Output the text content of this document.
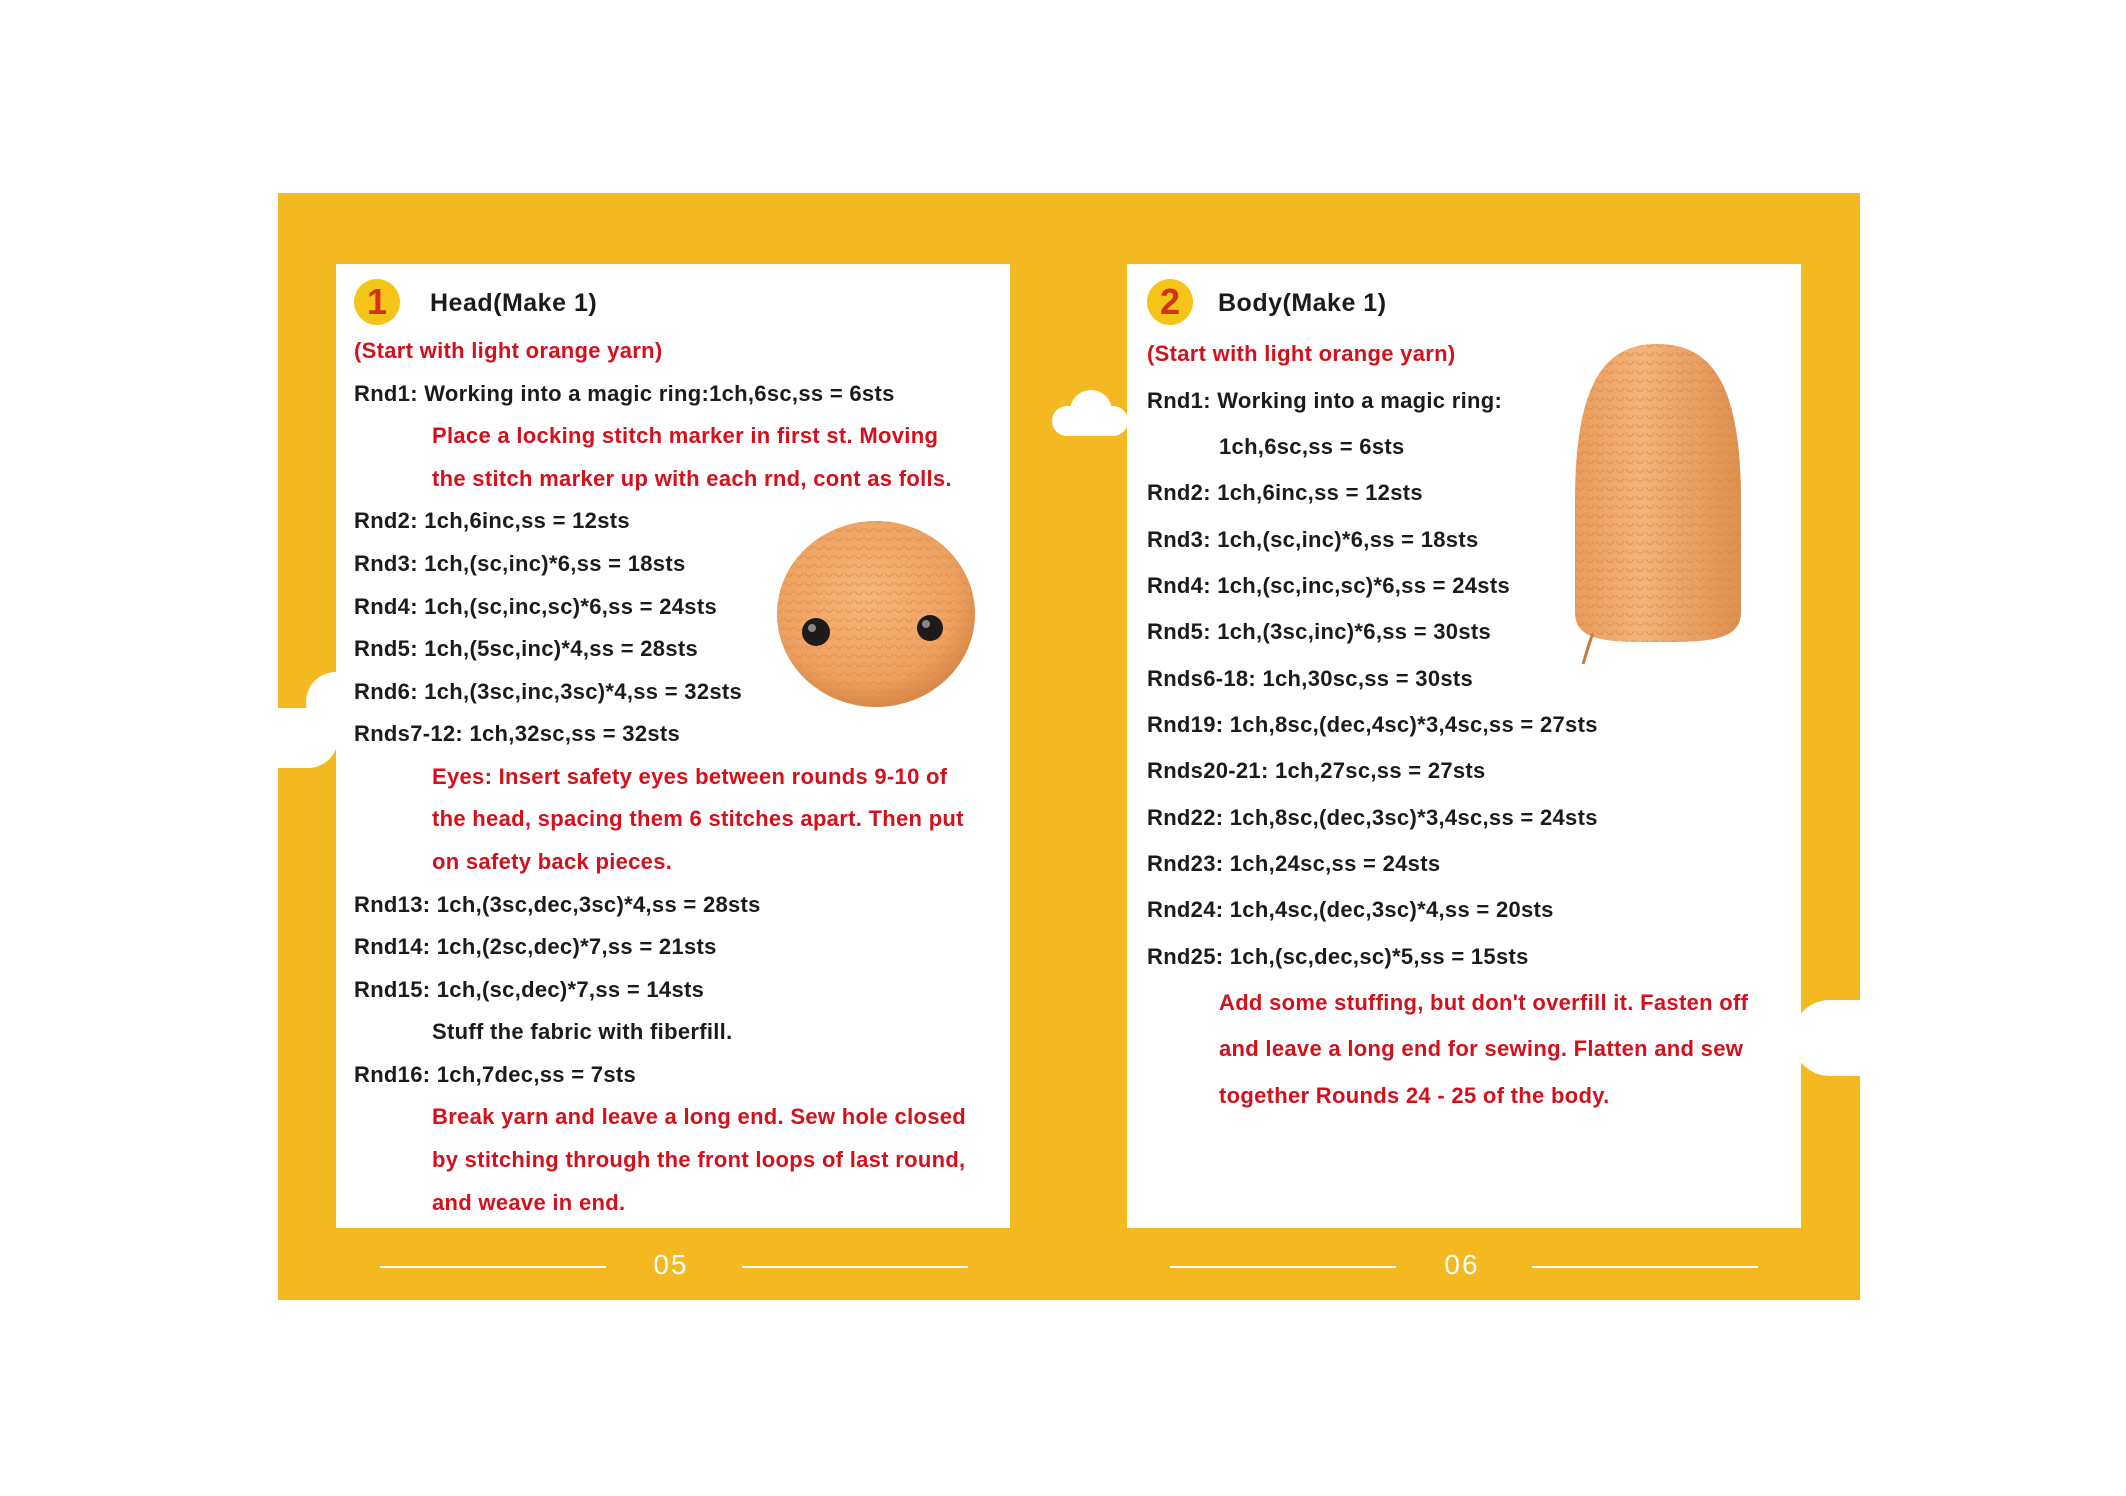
1	Head(Make 1)
(Start with light orange yarn)
Rnd1: Working into a magic ring:1ch,6sc,ss = 6sts
Place a locking stitch marker in first st. Moving
the stitch marker up with each rnd, cont as folls.
Rnd2: 1ch,6inc,ss = 12sts
Rnd3: 1ch,(sc,inc)*6,ss = 18sts
Rnd4: 1ch,(sc,inc,sc)*6,ss = 24sts
Rnd5: 1ch,(5sc,inc)*4,ss = 28sts
Rnd6: 1ch,(3sc,inc,3sc)*4,ss = 32sts
Rnds7-12: 1ch,32sc,ss = 32sts
Eyes: Insert safety eyes between rounds 9-10 of
the head, spacing them 6 stitches apart. Then put
on safety back pieces.
Rnd13: 1ch,(3sc,dec,3sc)*4,ss = 28sts
Rnd14: 1ch,(2sc,dec)*7,ss = 21sts
Rnd15: 1ch,(sc,dec)*7,ss = 14sts
Stuff the fabric with fiberfill.
Rnd16: 1ch,7dec,ss = 7sts
Break yarn and leave a long end. Sew hole closed
by stitching through the front loops of last round,
and weave in end.
2	Body(Make 1)
(Start with light orange yarn)
Rnd1: Working into a magic ring:
1ch,6sc,ss = 6sts
Rnd2: 1ch,6inc,ss = 12sts
Rnd3: 1ch,(sc,inc)*6,ss = 18sts
Rnd4: 1ch,(sc,inc,sc)*6,ss = 24sts
Rnd5: 1ch,(3sc,inc)*6,ss = 30sts
Rnds6-18: 1ch,30sc,ss = 30sts
Rnd19: 1ch,8sc,(dec,4sc)*3,4sc,ss = 27sts
Rnds20-21: 1ch,27sc,ss = 27sts
Rnd22: 1ch,8sc,(dec,3sc)*3,4sc,ss = 24sts
Rnd23: 1ch,24sc,ss = 24sts
Rnd24: 1ch,4sc,(dec,3sc)*4,ss = 20sts
Rnd25: 1ch,(sc,dec,sc)*5,ss = 15sts
Add some stuffing, but don't overfill it. Fasten off
and leave a long end for sewing. Flatten and sew
together Rounds 24 - 25 of the body.
05	06
